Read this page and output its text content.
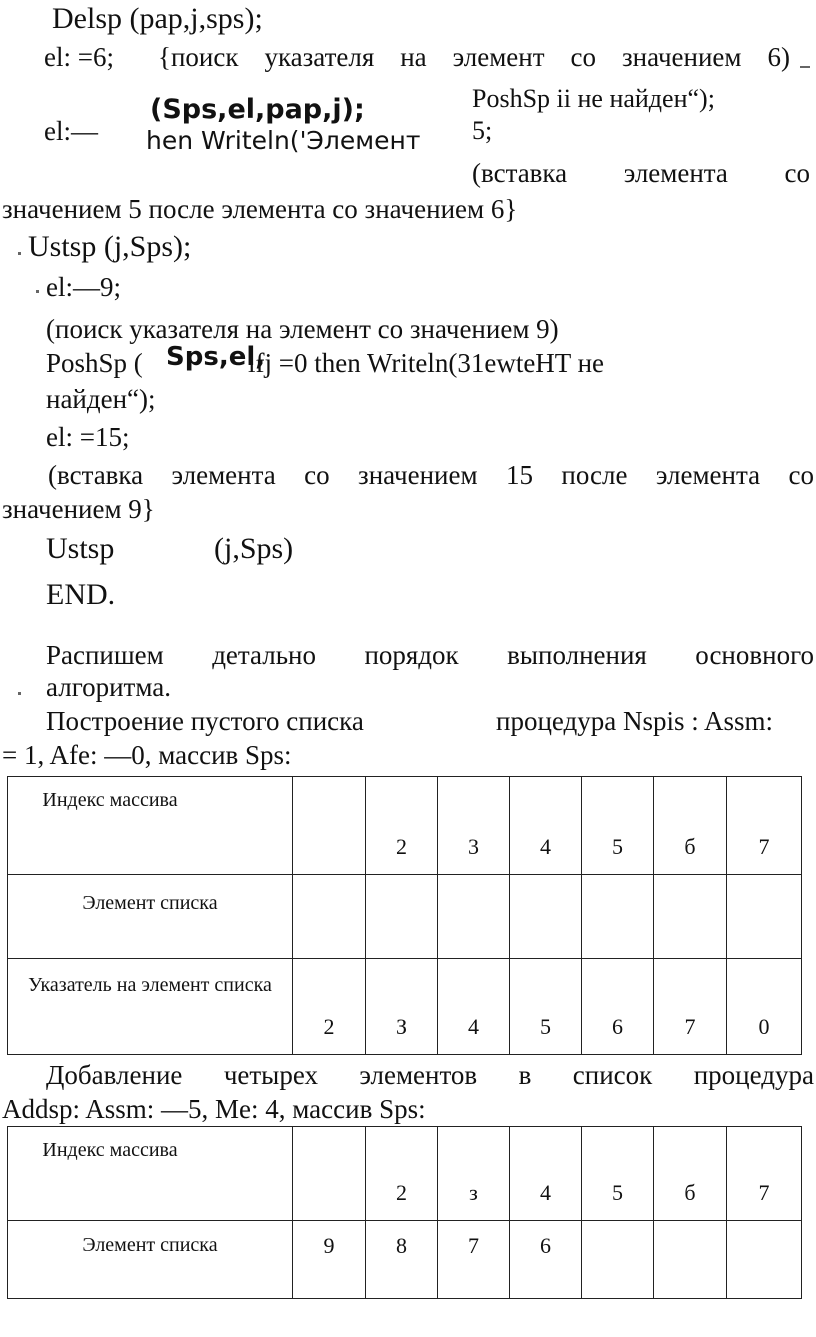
Delsp (pap,j,sps);
el: =6; {поиск указателя на элемент со значением 6)
PoshSp ii не найден“);
(Sps,el,pap,j);
el:—	5;
hen Writeln('Элемент
(вставка элемента со
значением 5 после элемента со значением 6}
Ustsp (j,Sps);
el:—9;
(поиск указателя на элемент со значением 9)
PoshSp ( Sps,el,
ifj =0 then Writeln(31ewteHT не
найден“);
el: =15;
(вставка элемента со значением 15 после элемента со
значением 9}
Ustsp	(j,Sps)
END.
Распишем детально порядок выполнения основного
алгоритма.
Построение пустого списка	процедура Nspis : Assm:
= 1, Afe: —0, массив Sps:
Индекс массива		2	3	4	5	б	7
Элемент списка							
Указатель на элемент списка	2	З	4	5	6	7	0
Добавление четырех элементов в список процедура
Addsp: Assm: —5, Me: 4, массив Sps:
Индекс массива		2	з	4	5	б	7
Элемент списка	9	8	7	6			
